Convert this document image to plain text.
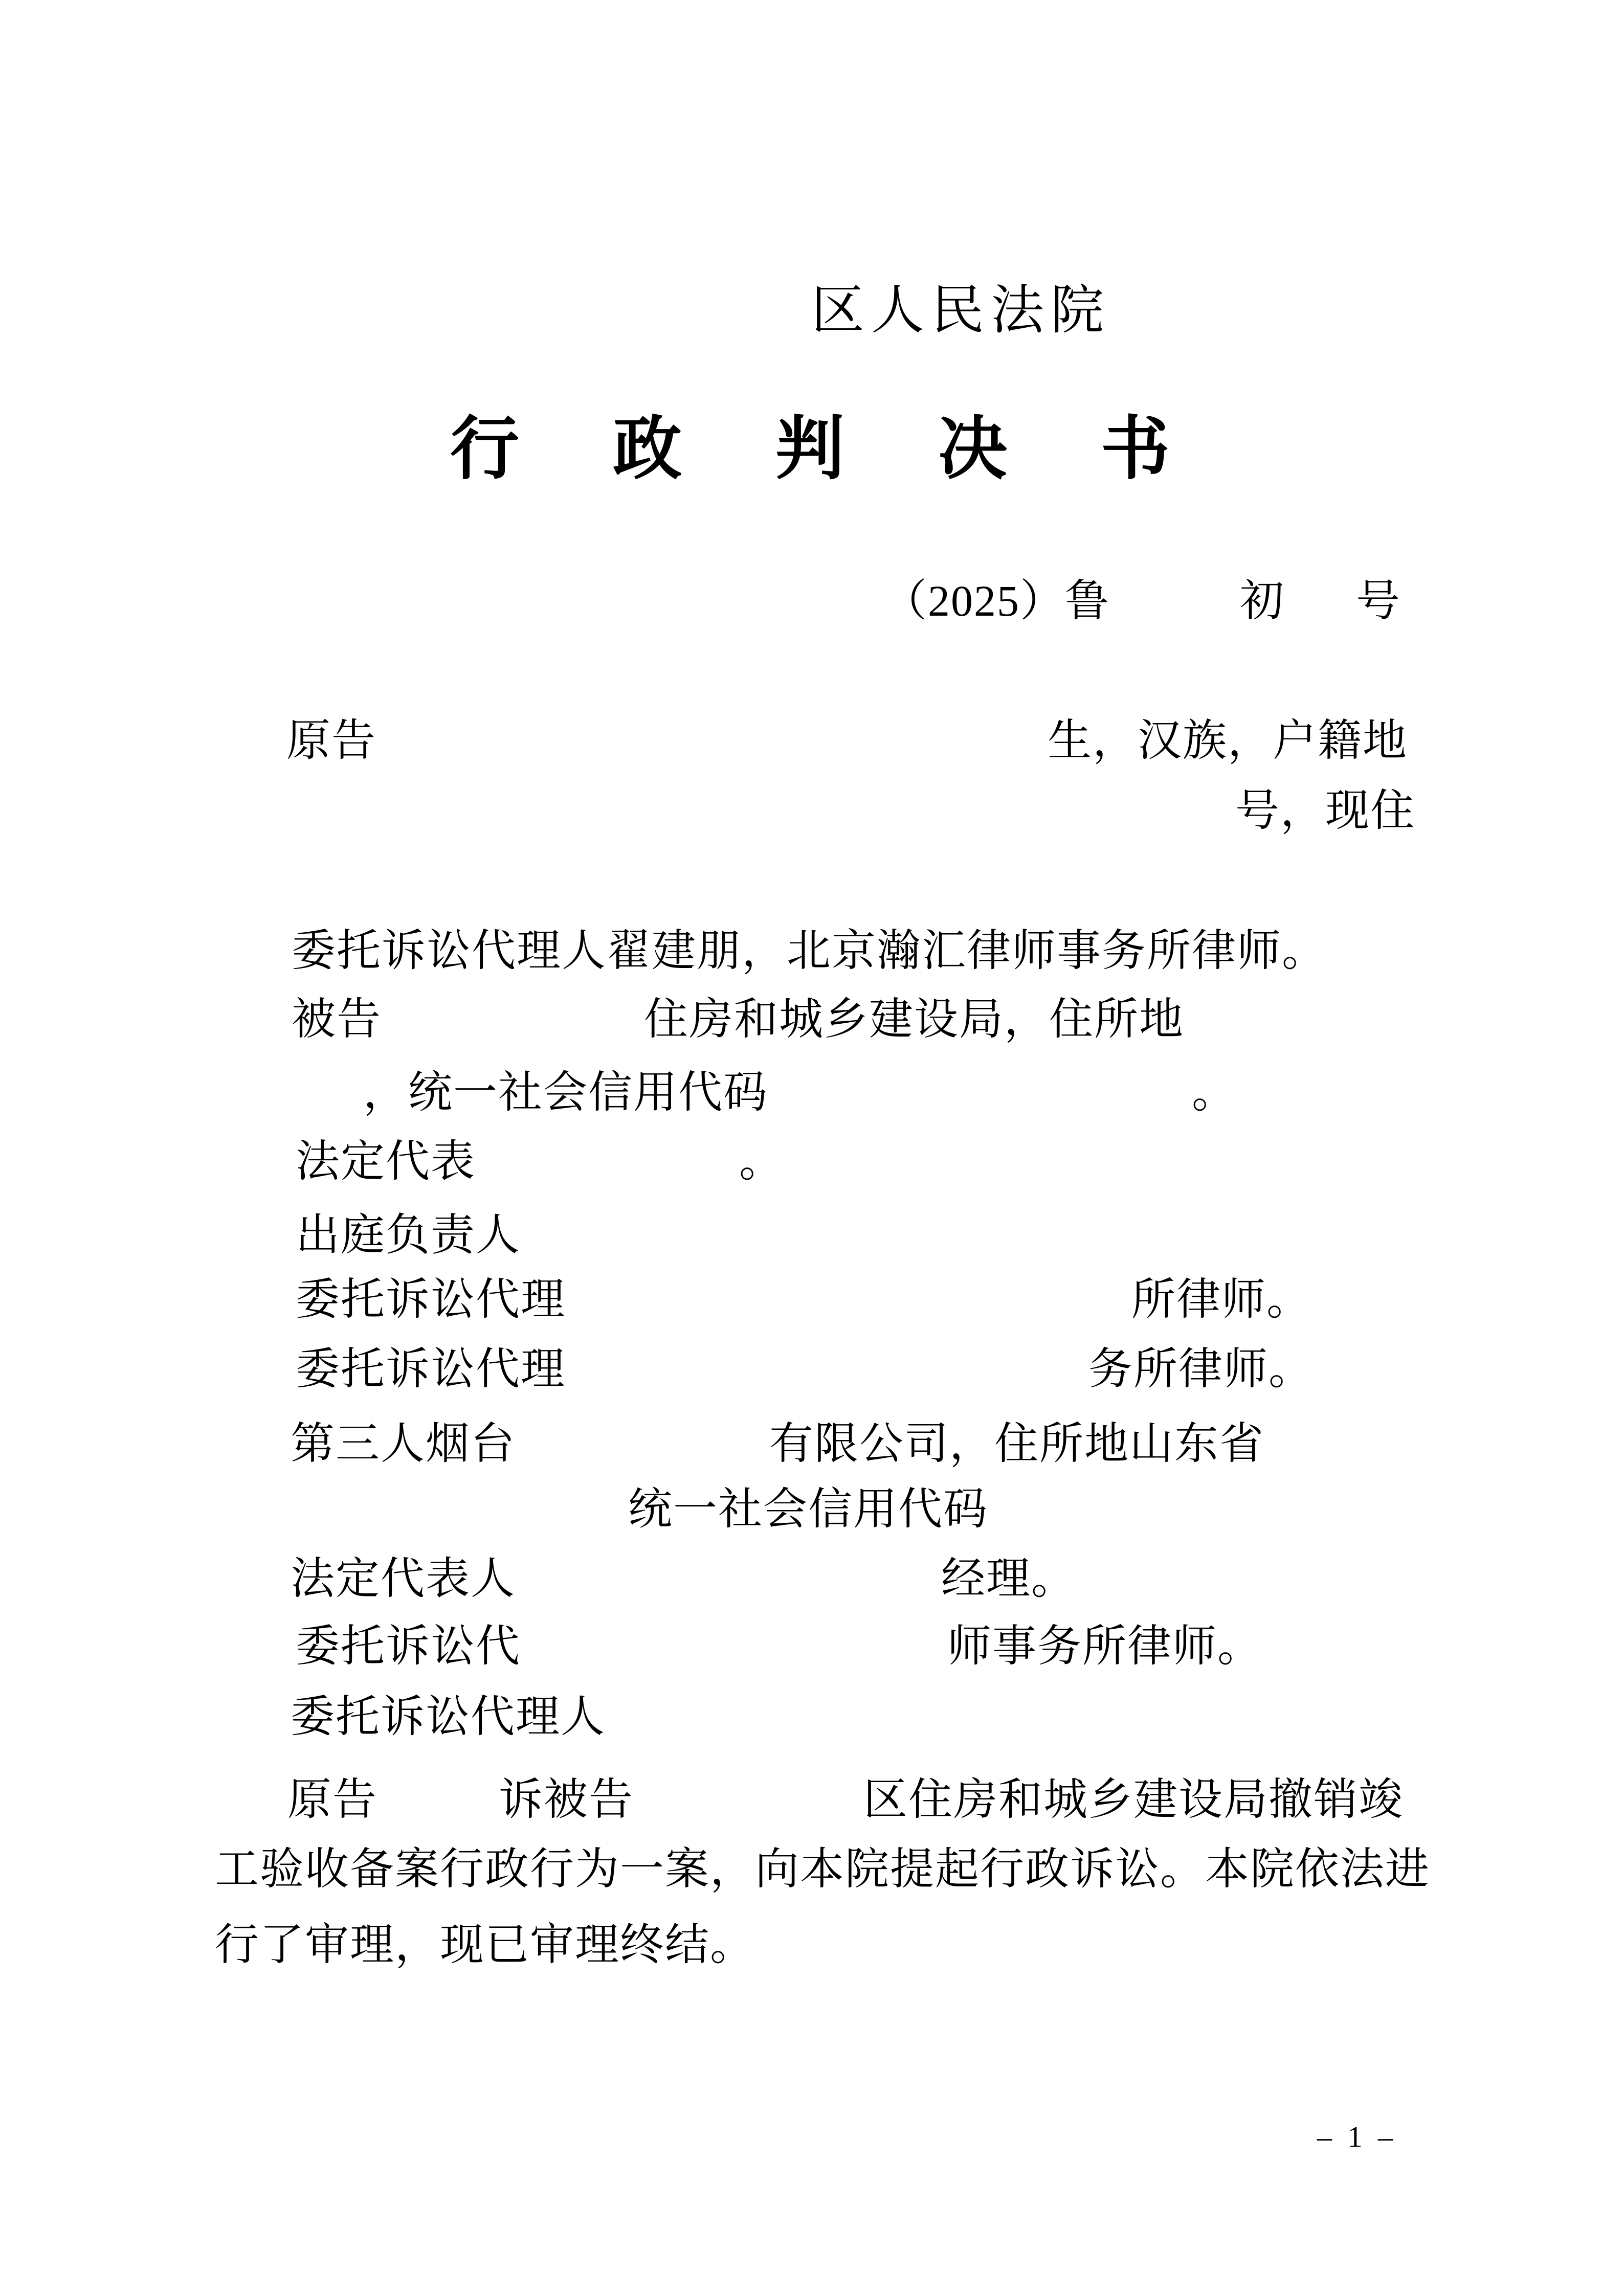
区人民法院
行政判决书
（2025）鲁	初 号
原告	生，汉族，户籍地
号，现住
委托诉讼代理人翟建朋，北京瀚汇律师事务所律师。
被告	住房和城乡建设局，住所地
，统一社会信用代码	。
法定代表	。
出庭负责人
委托诉讼代理	所律师。
委托诉讼代理	务所律师。
第三人烟台	有限公司，住所地山东省
统一社会信用代码
法定代表人	经理。
委托诉讼代	师事务所律师。
委托诉讼代理人
原告	诉被告	区住房和城乡建设局撤销竣
工验收备案行政行为一案，向本院提起行政诉讼。本院依法进
行了审理，现已审理终结。
– 1 –
